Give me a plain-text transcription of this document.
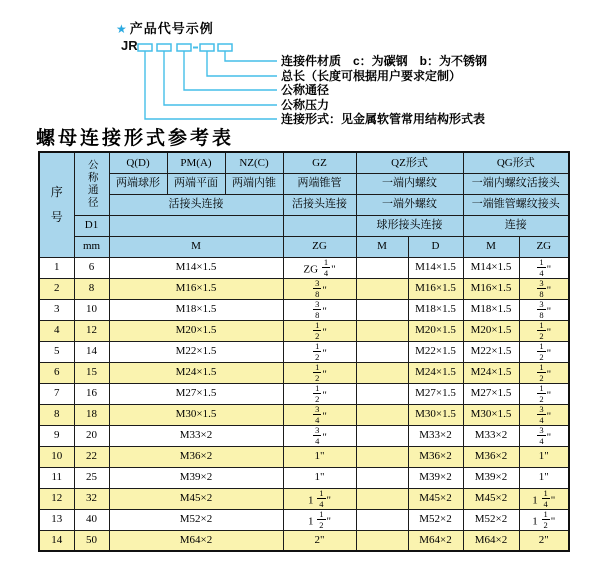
★ 产品代号示例
JR
连接件材质　c：为碳钢　b：为不锈钢
总长（长度可根据用户要求定制）
公称通径
公称压力
连接形式：见金属软管常用结构形式表
螺母连接形式参考表
序
号	公称通径	Q(D)	PM(A)	NZ(C)	GZ	QZ形式		QG形式	
		两端球形	两端平面	两端内锥	两端锥管	一端内螺纹		一端内螺纹活接头	
		活接头连接			活接头连接	一端外螺纹		一端锥管螺纹接头	
	D1					球形接头连接		连接	
	mm	M			ZG	M	D	M	ZG
1	6	M14×1.5			ZG $\frac{1}{4}$ "		M14×1.5	M14×1.5	$\frac{1}{4}$ "
2	8	M16×1.5			$\frac{3}{8}$ "		M16×1.5	M16×1.5	$\frac{3}{8}$ "
3	10	M18×1.5			$\frac{3}{8}$ "		M18×1.5	M18×1.5	$\frac{3}{8}$ "
4	12	M20×1.5			$\frac{1}{2}$ "		M20×1.5	M20×1.5	$\frac{1}{2}$ "
5	14	M22×1.5			$\frac{1}{2}$ "		M22×1.5	M22×1.5	$\frac{1}{2}$ "
6	15	M24×1.5			$\frac{1}{2}$ "		M24×1.5	M24×1.5	$\frac{1}{2}$ "
7	16	M27×1.5			$\frac{1}{2}$ "		M27×1.5	M27×1.5	$\frac{1}{2}$ "
8	18	M30×1.5			$\frac{3}{4}$ "		M30×1.5	M30×1.5	$\frac{3}{4}$ "
9	20	M33×2			$\frac{3}{4}$ "		M33×2	M33×2	$\frac{3}{4}$ "
10	22	M36×2			1"		M36×2	M36×2	1"
11	25	M39×2			1"		M39×2	M39×2	1"
12	32	M45×2			$1 \frac{1}{4}$ "		M45×2	M45×2	$1 \frac{1}{4}$ "
13	40	M52×2			$1 \frac{1}{2}$ "		M52×2	M52×2	$1 \frac{1}{2}$ "
14	50	M64×2			2"		M64×2	M64×2	2"
